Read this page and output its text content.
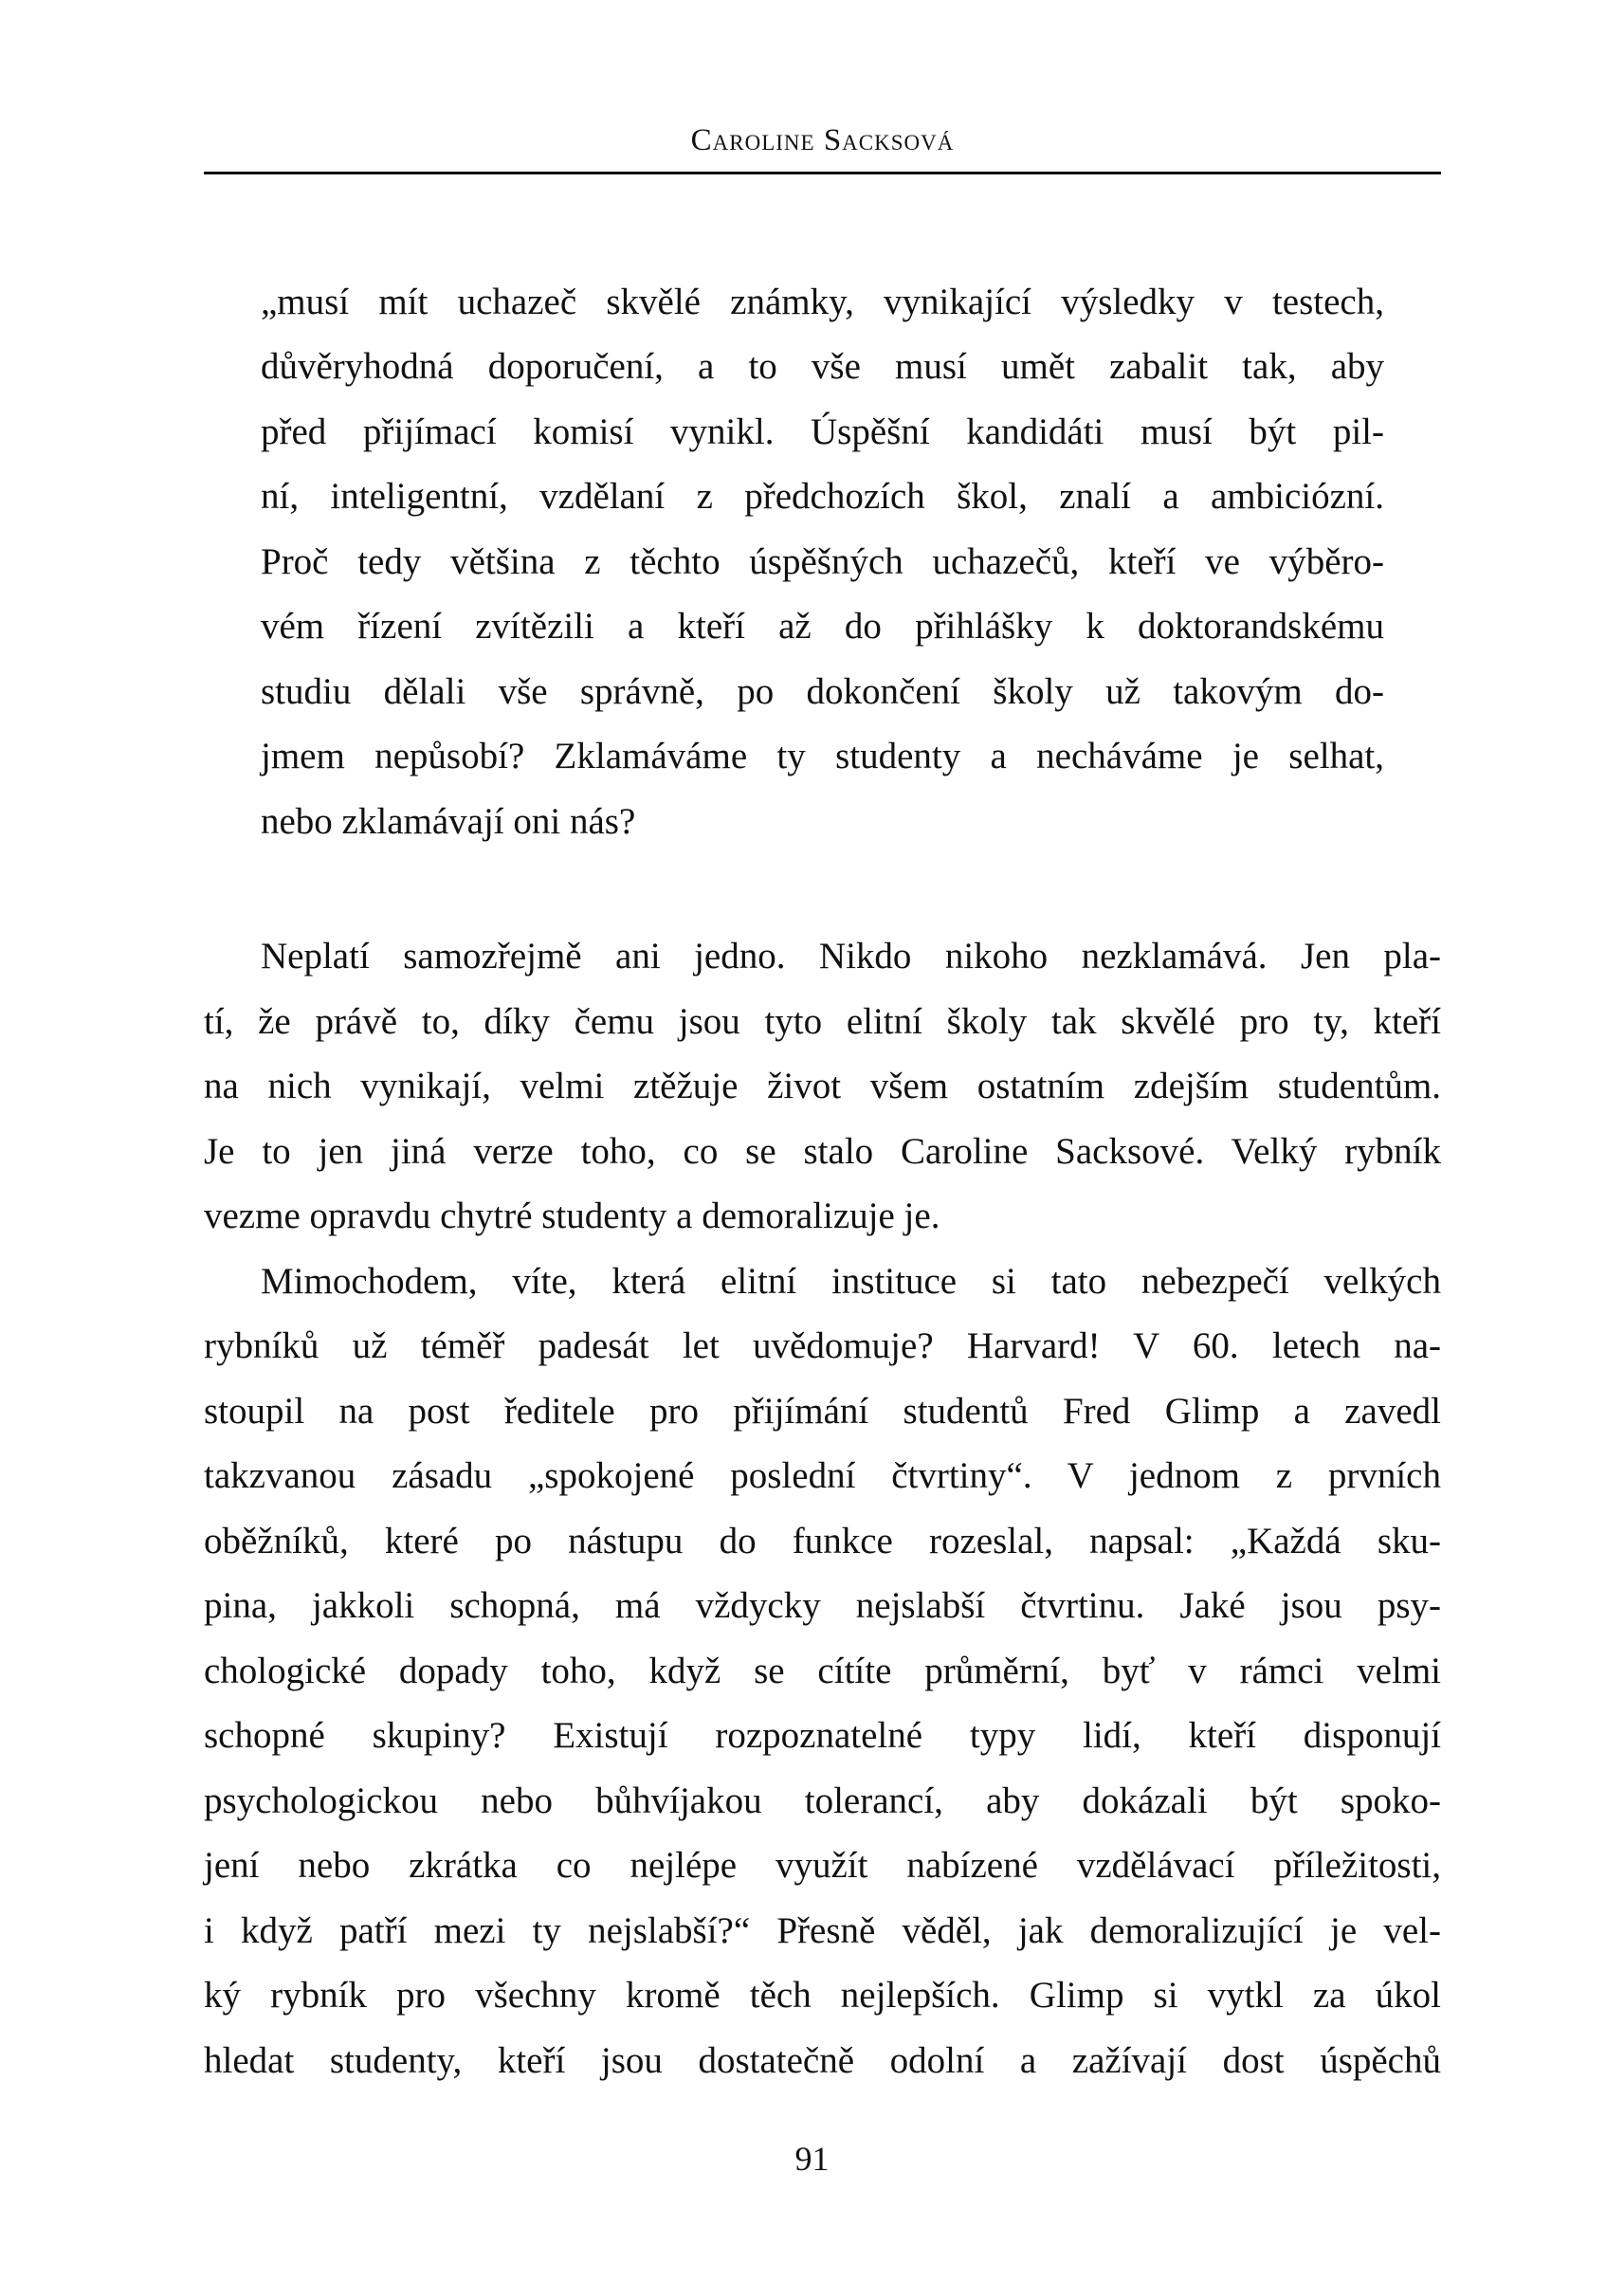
Caroline Sacksová
„musí mít uchazeč skvělé známky, vynikající výsledky v testech,
důvěryhodná doporučení, a to vše musí umět zabalit tak, aby
před přijímací komisí vynikl. Úspěšní kandidáti musí být pil-
ní, inteligentní, vzdělaní z předchozích škol, znalí a ambiciózní.
Proč tedy většina z těchto úspěšných uchazečů, kteří ve výběro-
vém řízení zvítězili a kteří až do přihlášky k doktorandskému
studiu dělali vše správně, po dokončení školy už takovým do-
jmem nepůsobí? Zklamáváme ty studenty a necháváme je selhat,
nebo zklamávají oni nás?
Neplatí samozřejmě ani jedno. Nikdo nikoho nezklamává. Jen pla-
tí, že právě to, díky čemu jsou tyto elitní školy tak skvělé pro ty, kteří
na nich vynikají, velmi ztěžuje život všem ostatním zdejším studentům.
Je to jen jiná verze toho, co se stalo Caroline Sacksové. Velký rybník
vezme opravdu chytré studenty a demoralizuje je.
Mimochodem, víte, která elitní instituce si tato nebezpečí velkých
rybníků už téměř padesát let uvědomuje? Harvard! V 60. letech na-
stoupil na post ředitele pro přijímání studentů Fred Glimp a zavedl
takzvanou zásadu „spokojené poslední čtvrtiny“. V jednom z prvních
oběžníků, které po nástupu do funkce rozeslal, napsal: „Každá sku-
pina, jakkoli schopná, má vždycky nejslabší čtvrtinu. Jaké jsou psy-
chologické dopady toho, když se cítíte průměrní, byť v rámci velmi
schopné skupiny? Existují rozpoznatelné typy lidí, kteří disponují
psychologickou nebo bůhvíjakou tolerancí, aby dokázali být spoko-
jení nebo zkrátka co nejlépe využít nabízené vzdělávací příležitosti,
i když patří mezi ty nejslabší?“ Přesně věděl, jak demoralizující je vel-
ký rybník pro všechny kromě těch nejlepších. Glimp si vytkl za úkol
hledat studenty, kteří jsou dostatečně odolní a zažívají dost úspěchů
91
